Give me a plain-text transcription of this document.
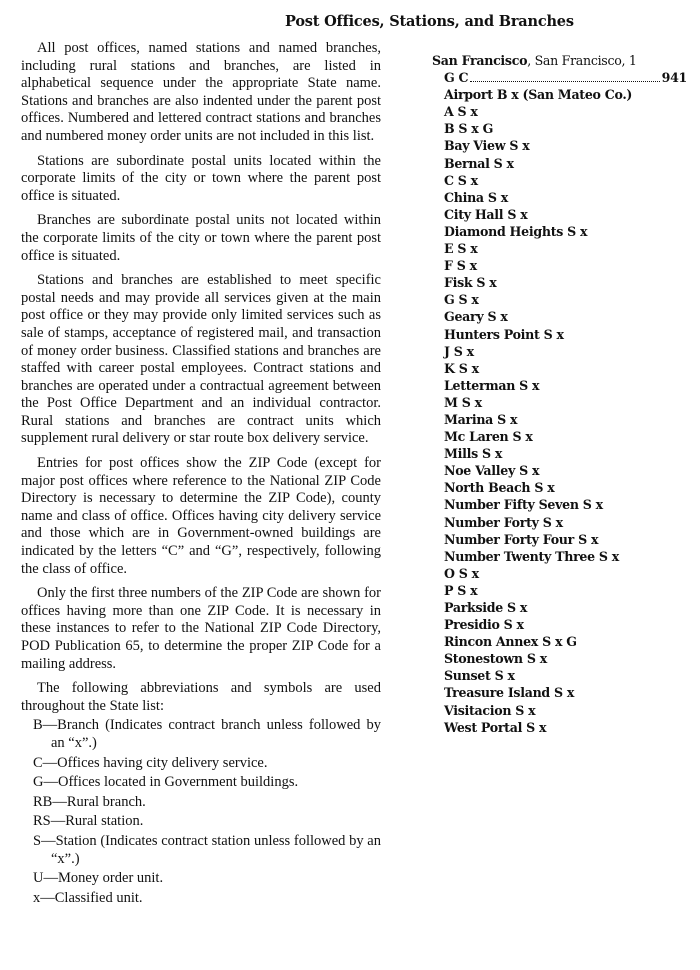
Post Offices, Stations, and Branches

All post offices, named stations and named branches, including rural stations and branches, are listed in alphabetical sequence under the appropriate State name. Stations and branches are also indented under the parent post offices. Numbered and lettered contract stations and branches and numbered money order units are not included in this list.

Stations are subordinate postal units located within the corporate limits of the city or town where the parent post office is situated.

Branches are subordinate postal units not located within the corporate limits of the city or town where the parent post office is situated.

Stations and branches are established to meet specific postal needs and may provide all services given at the main post office or they may provide only limited services such as sale of stamps, acceptance of registered mail, and transaction of money order business. Classified stations and branches are staffed with career postal employees. Contract stations and branches are operated under a contractual agreement between the Post Office Department and an individual contractor. Rural stations and branches are contract units which supplement rural delivery or star route box delivery service.

Entries for post offices show the ZIP Code (except for major post offices where reference to the National ZIP Code Directory is necessary to determine the ZIP Code), county name and class of office. Offices having city delivery service and those which are in Government-owned buildings are indicated by the letters “C” and “G”, respectively, following the class of office.

Only the first three numbers of the ZIP Code are shown for offices having more than one ZIP Code. It is necessary in these instances to refer to the National ZIP Code Directory, POD Publication 65, to determine the proper ZIP Code for a mailing address.

The following abbreviations and symbols are used throughout the State list:

B—Branch (Indicates contract branch unless followed by an “x”.)
C—Offices having city delivery service.
G—Offices located in Government buildings.
RB—Rural branch.
RS—Rural station.
S—Station (Indicates contract station unless followed by an “x”.)
U—Money order unit.
x—Classified unit.
San Francisco, San Francisco, 1
G C	941
Airport B x (San Mateo Co.)
A S x
B S x G
Bay View S x
Bernal S x
C S x
China S x
City Hall S x
Diamond Heights S x
E S x
F S x
Fisk S x
G S x
Geary S x
Hunters Point S x
J S x
K S x
Letterman S x
M S x
Marina S x
Mc Laren S x
Mills S x
Noe Valley S x
North Beach S x
Number Fifty Seven S x
Number Forty S x
Number Forty Four S x
Number Twenty Three S x
O S x
P S x
Parkside S x
Presidio S x
Rincon Annex S x G
Stonestown S x
Sunset S x
Treasure Island S x
Visitacion S x
West Portal S x
